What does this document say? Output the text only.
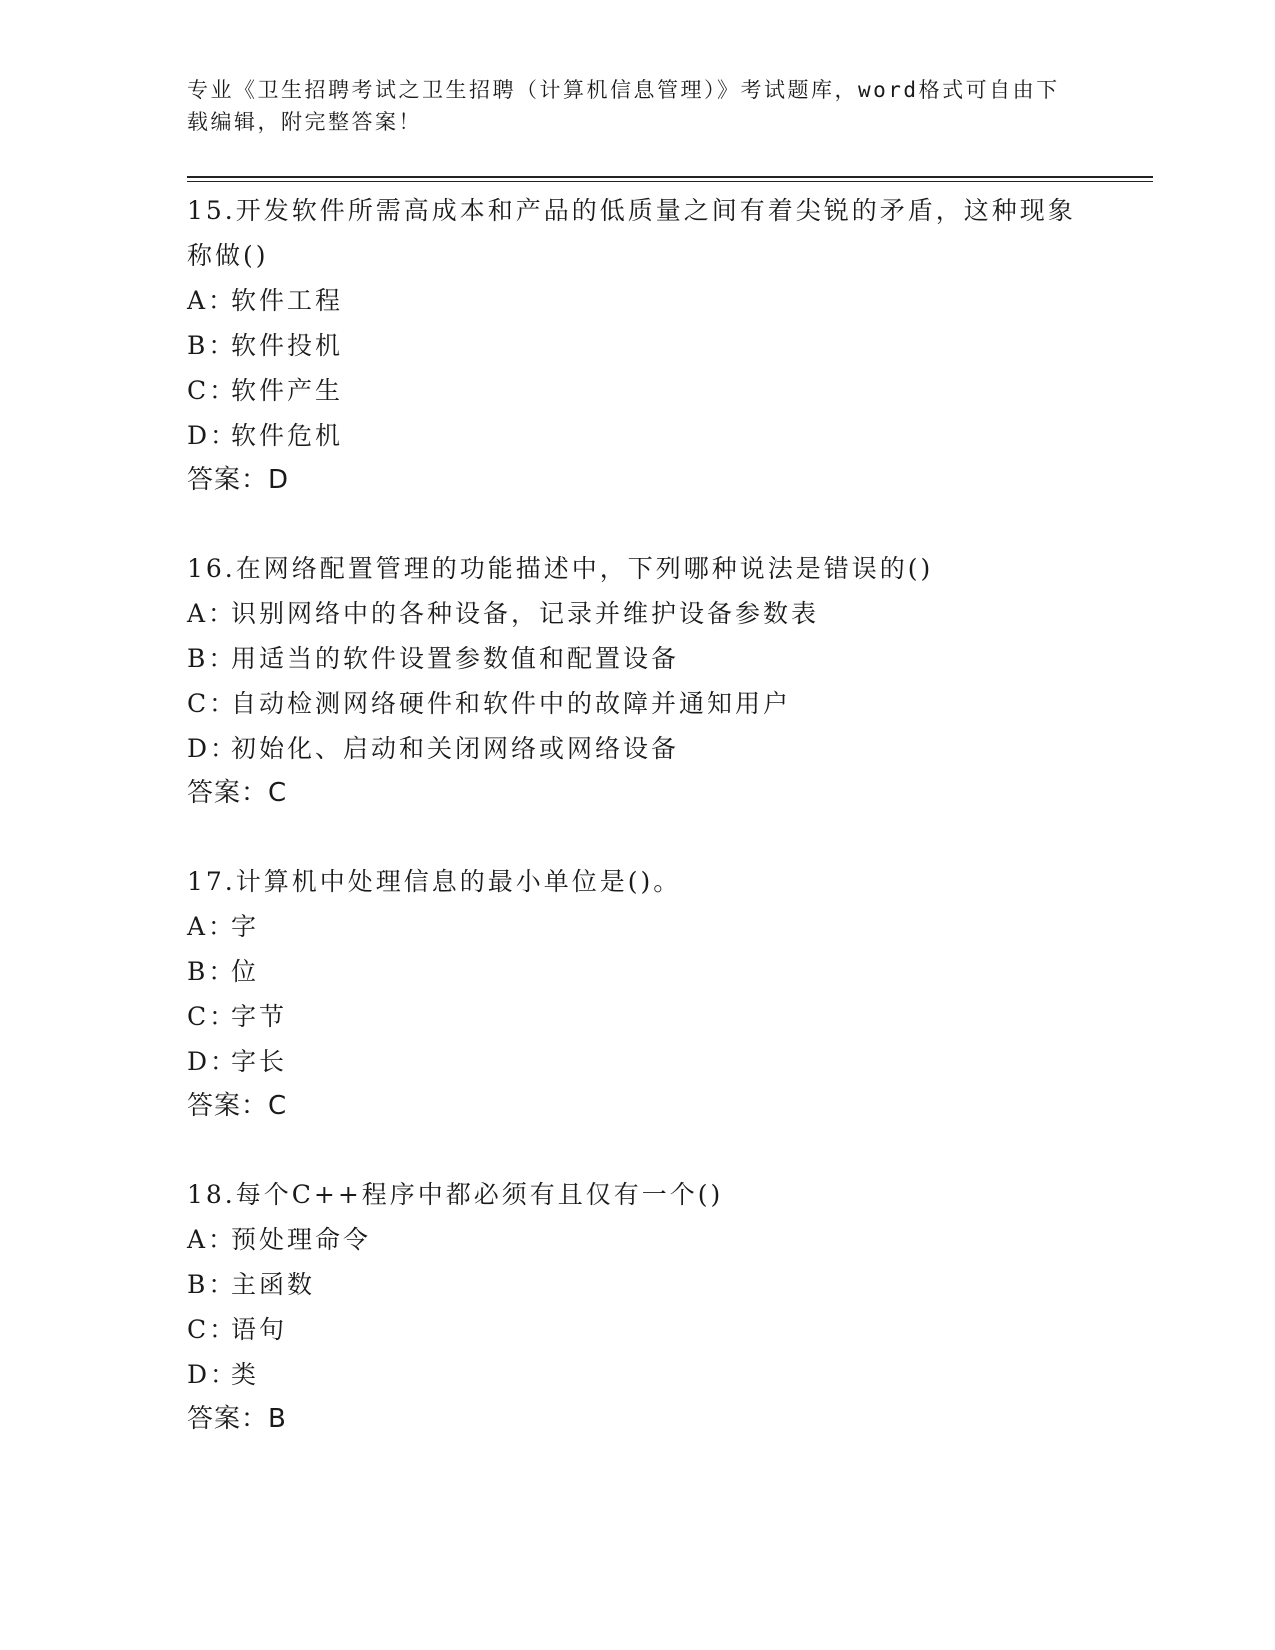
专业《卫生招聘考试之卫生招聘（计算机信息管理）》考试题库，word格式可自由下载编辑，附完整答案！

15.开发软件所需高成本和产品的低质量之间有着尖锐的矛盾，这种现象称做()

A：软件工程
B：软件投机
C：软件产生
D：软件危机
答案：D

16.在网络配置管理的功能描述中，下列哪种说法是错误的()

A：识别网络中的各种设备，记录并维护设备参数表
B：用适当的软件设置参数值和配置设备
C：自动检测网络硬件和软件中的故障并通知用户
D：初始化、启动和关闭网络或网络设备
答案：C

17.计算机中处理信息的最小单位是()。

A：字
B：位
C：字节
D：字长
答案：C

18.每个C++程序中都必须有且仅有一个()

A：预处理命令
B：主函数
C：语句
D：类
答案：B
